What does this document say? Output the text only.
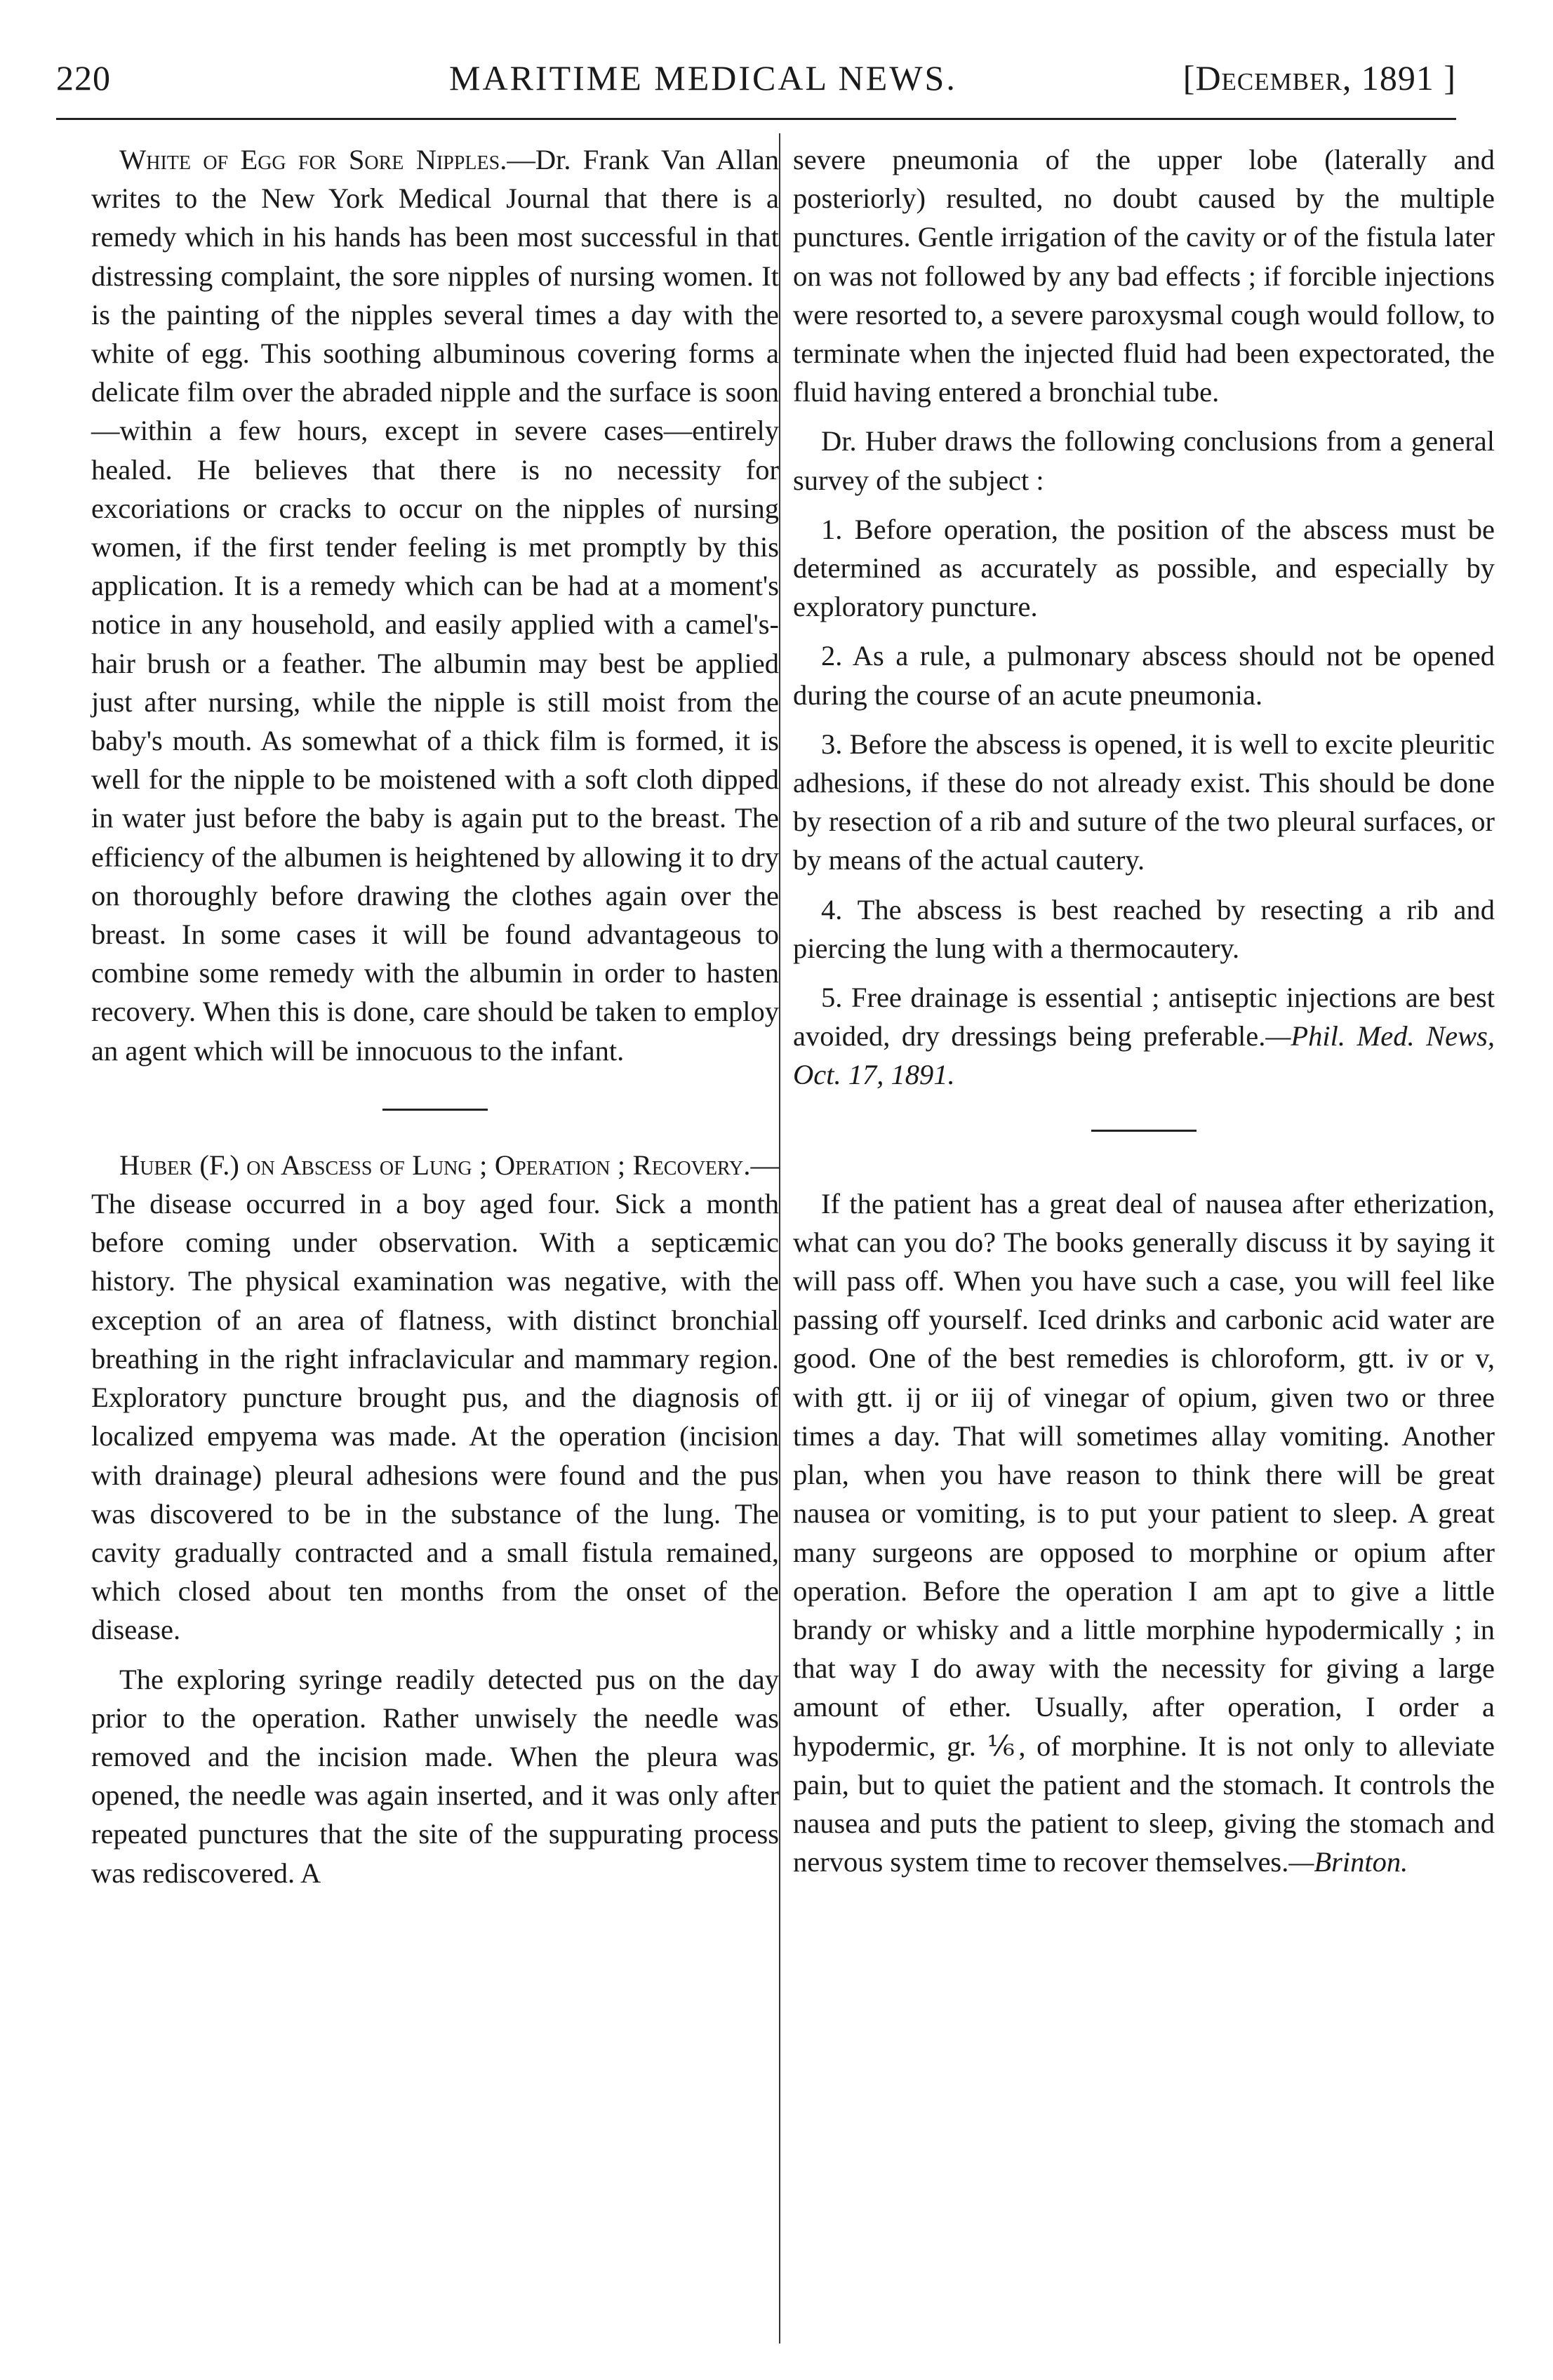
220	MARITIME MEDICAL NEWS.	[December, 1891 ]

White of Egg for Sore Nipples.—Dr. Frank Van Allan writes to the New York Medical Journal that there is a remedy which in his hands has been most successful in that distressing complaint, the sore nipples of nursing women. It is the painting of the nipples several times a day with the white of egg. This soothing albuminous covering forms a delicate film over the abraded nipple and the surface is soon—within a few hours, except in severe cases—entirely healed. He believes that there is no necessity for excoriations or cracks to occur on the nipples of nursing women, if the first tender feeling is met promptly by this application. It is a remedy which can be had at a moment's notice in any household, and easily applied with a camel's-hair brush or a feather. The albumin may best be applied just after nursing, while the nipple is still moist from the baby's mouth. As somewhat of a thick film is formed, it is well for the nipple to be moistened with a soft cloth dipped in water just before the baby is again put to the breast. The efficiency of the albumen is heightened by allowing it to dry on thoroughly before drawing the clothes again over the breast. In some cases it will be found advantageous to combine some remedy with the albumin in order to hasten recovery. When this is done, care should be taken to employ an agent which will be innocuous to the infant.

Huber (F.) on Abscess of Lung ; Operation ; Recovery.—The disease occurred in a boy aged four. Sick a month before coming under observation. With a septicæmic history. The physical examination was negative, with the exception of an area of flatness, with distinct bronchial breathing in the right infraclavicular and mammary region. Exploratory puncture brought pus, and the diagnosis of localized empyema was made. At the operation (incision with drainage) pleural adhesions were found and the pus was discovered to be in the substance of the lung. The cavity gradually contracted and a small fistula remained, which closed about ten months from the onset of the disease.

The exploring syringe readily detected pus on the day prior to the operation. Rather unwisely the needle was removed and the incision made. When the pleura was opened, the needle was again inserted, and it was only after repeated punctures that the site of the suppurating process was rediscovered. A

severe pneumonia of the upper lobe (laterally and posteriorly) resulted, no doubt caused by the multiple punctures. Gentle irrigation of the cavity or of the fistula later on was not followed by any bad effects ; if forcible injections were resorted to, a severe paroxysmal cough would follow, to terminate when the injected fluid had been expectorated, the fluid having entered a bronchial tube.

Dr. Huber draws the following conclusions from a general survey of the subject :

1. Before operation, the position of the abscess must be determined as accurately as possible, and especially by exploratory puncture.

2. As a rule, a pulmonary abscess should not be opened during the course of an acute pneumonia.

3. Before the abscess is opened, it is well to excite pleuritic adhesions, if these do not already exist. This should be done by resection of a rib and suture of the two pleural surfaces, or by means of the actual cautery.

4. The abscess is best reached by resecting a rib and piercing the lung with a thermocautery.

5. Free drainage is essential ; antiseptic injections are best avoided, dry dressings being preferable.—Phil. Med. News, Oct. 17, 1891.

If the patient has a great deal of nausea after etherization, what can you do? The books generally discuss it by saying it will pass off. When you have such a case, you will feel like passing off yourself. Iced drinks and carbonic acid water are good. One of the best remedies is chloroform, gtt. iv or v, with gtt. ij or iij of vinegar of opium, given two or three times a day. That will sometimes allay vomiting. Another plan, when you have reason to think there will be great nausea or vomiting, is to put your patient to sleep. A great many surgeons are opposed to morphine or opium after operation. Before the operation I am apt to give a little brandy or whisky and a little morphine hypodermically ; in that way I do away with the necessity for giving a large amount of ether. Usually, after operation, I order a hypodermic, gr. ⅙, of morphine. It is not only to alleviate pain, but to quiet the patient and the stomach. It controls the nausea and puts the patient to sleep, giving the stomach and nervous system time to recover themselves.—Brinton.
